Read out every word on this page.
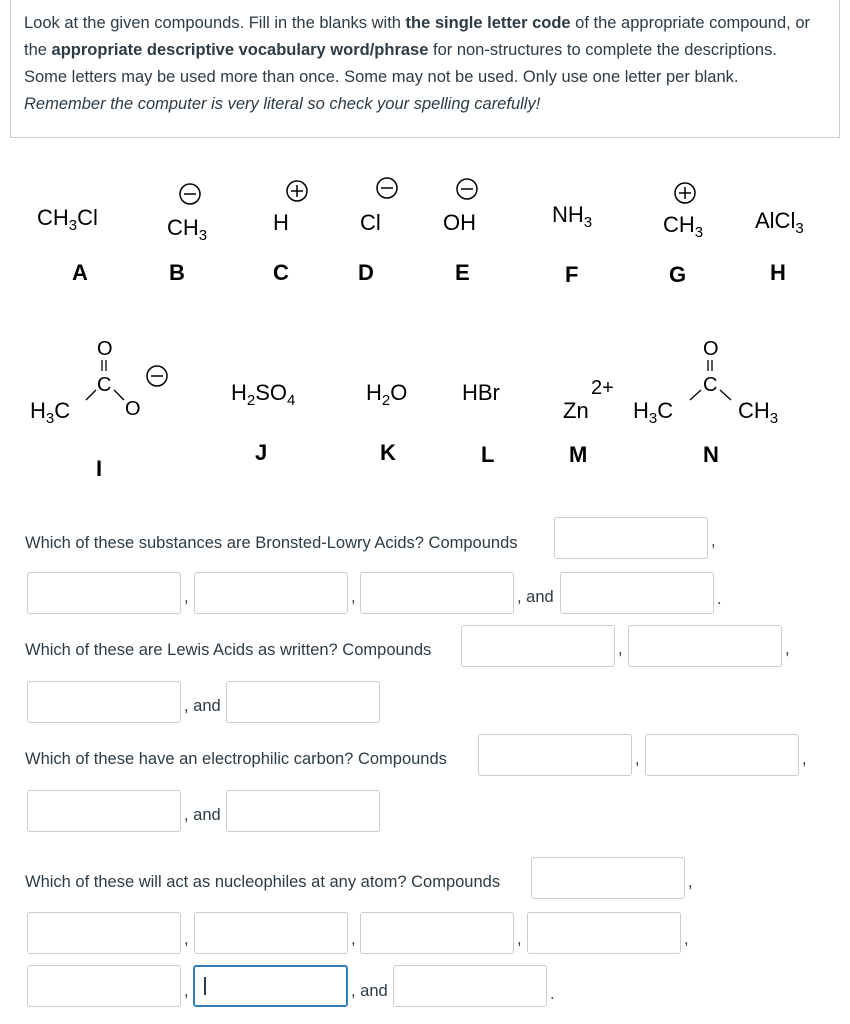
Look at the given compounds. Fill in the blanks with the single letter code of the appropriate compound, or the appropriate descriptive vocabulary word/phrase for non-structures to complete the descriptions. Some letters may be used more than once. Some may not be used. Only use one letter per blank. Remember the computer is very literal so check your spelling carefully!
$CH_3Cl$	$CH_3$
H	Cl	OH	$NH_3$	$CH_3$ AlCl$_3$
A	B	C	D	E	F	G	H
O
C
$H_3C$	O
$H_2SO_4$	$H_2O$ HBr	2+
Zn
O
C
$H_3C$	$CH_3$
I
J	K	L	M	N
Which of these substances are Bronsted-Lowry Acids? Compounds	,
,	,	, and	.
Which of these are Lewis Acids as written? Compounds	,	,
, and
Which of these have an electrophilic carbon? Compounds	,	,
, and
Which of these will act as nucleophiles at any atom? Compounds	,
,	,	,	,
,	, and	.
